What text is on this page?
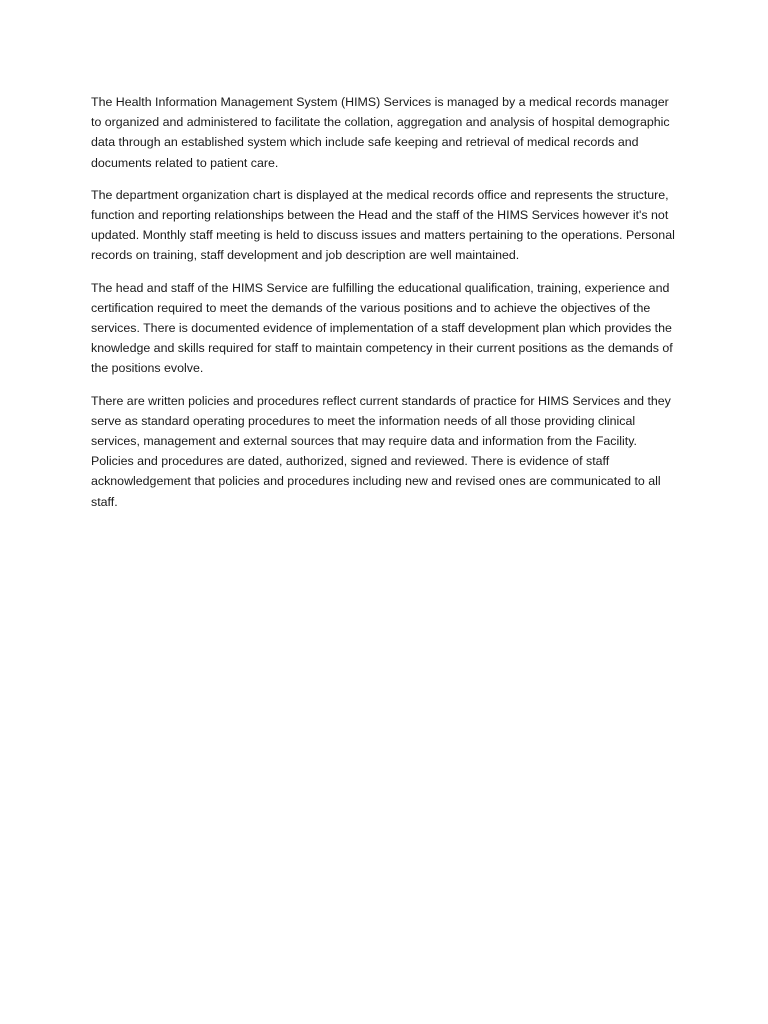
The Health Information Management System (HIMS) Services is managed by a medical records manager to organized and administered to facilitate the collation, aggregation and analysis of hospital demographic data through an established system which include safe keeping and retrieval of medical records and documents related to patient care.

The department organization chart is displayed at the medical records office and represents the structure, function and reporting relationships between the Head and the staff of the HIMS Services however it's not updated. Monthly staff meeting is held to discuss issues and matters pertaining to the operations. Personal records on training, staff development and job description are well maintained.

The head and staff of the HIMS Service are fulfilling the educational qualification, training, experience and certification required to meet the demands of the various positions and to achieve the objectives of the services. There is documented evidence of implementation of a staff development plan which provides the knowledge and skills required for staff to maintain competency in their current positions as the demands of the positions evolve.

There are written policies and procedures reflect current standards of practice for HIMS Services and they serve as standard operating procedures to meet the information needs of all those providing clinical services, management and external sources that may require data and information from the Facility. Policies and procedures are dated, authorized, signed and reviewed. There is evidence of staff acknowledgement that policies and procedures including new and revised ones are communicated to all staff.
